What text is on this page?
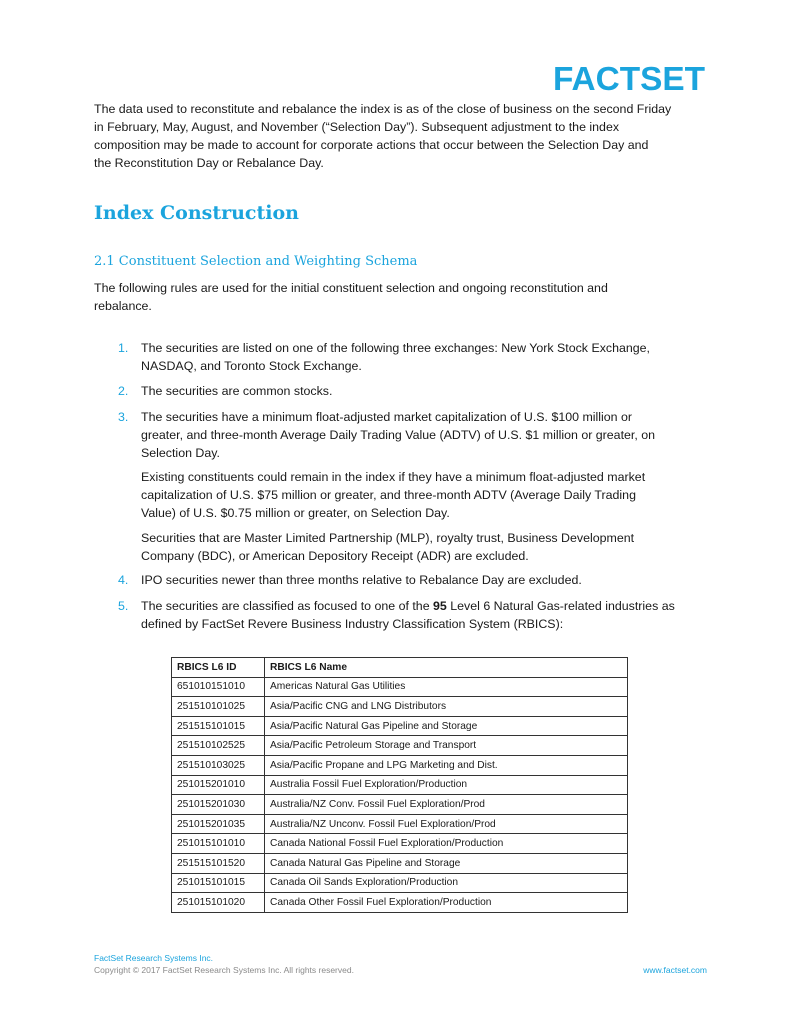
FACTSET
The data used to reconstitute and rebalance the index is as of the close of business on the second Friday
in February, May, August, and November (“Selection Day”). Subsequent adjustment to the index
composition may be made to account for corporate actions that occur between the Selection Day and
the Reconstitution Day or Rebalance Day.
Index Construction
2.1 Constituent Selection and Weighting Schema
The following rules are used for the initial constituent selection and ongoing reconstitution and
rebalance.
1.	The securities are listed on one of the following three exchanges: New York Stock Exchange,
NASDAQ, and Toronto Stock Exchange.
2.	The securities are common stocks.
3.	The securities have a minimum float-adjusted market capitalization of U.S. $100 million or
greater, and three-month Average Daily Trading Value (ADTV) of U.S. $1 million or greater, on
Selection Day.
Existing constituents could remain in the index if they have a minimum float-adjusted market
capitalization of U.S. $75 million or greater, and three-month ADTV (Average Daily Trading
Value) of U.S. $0.75 million or greater, on Selection Day.
Securities that are Master Limited Partnership (MLP), royalty trust, Business Development
Company (BDC), or American Depository Receipt (ADR) are excluded.
4.	IPO securities newer than three months relative to Rebalance Day are excluded.
5.	The securities are classified as focused to one of the 95 Level 6 Natural Gas-related industries as
defined by FactSet Revere Business Industry Classification System (RBICS):
RBICS L6 ID	RBICS L6 Name
651010151010	Americas Natural Gas Utilities
251510101025	Asia/Pacific CNG and LNG Distributors
251515101015	Asia/Pacific Natural Gas Pipeline and Storage
251510102525	Asia/Pacific Petroleum Storage and Transport
251510103025	Asia/Pacific Propane and LPG Marketing and Dist.
251015201010	Australia Fossil Fuel Exploration/Production
251015201030	Australia/NZ Conv. Fossil Fuel Exploration/Prod
251015201035	Australia/NZ Unconv. Fossil Fuel Exploration/Prod
251015101010	Canada National Fossil Fuel Exploration/Production
251515101520	Canada Natural Gas Pipeline and Storage
251015101015	Canada Oil Sands Exploration/Production
251015101020	Canada Other Fossil Fuel Exploration/Production
FactSet Research Systems Inc.
Copyright © 2017 FactSet Research Systems Inc. All rights reserved.	www.factset.com
